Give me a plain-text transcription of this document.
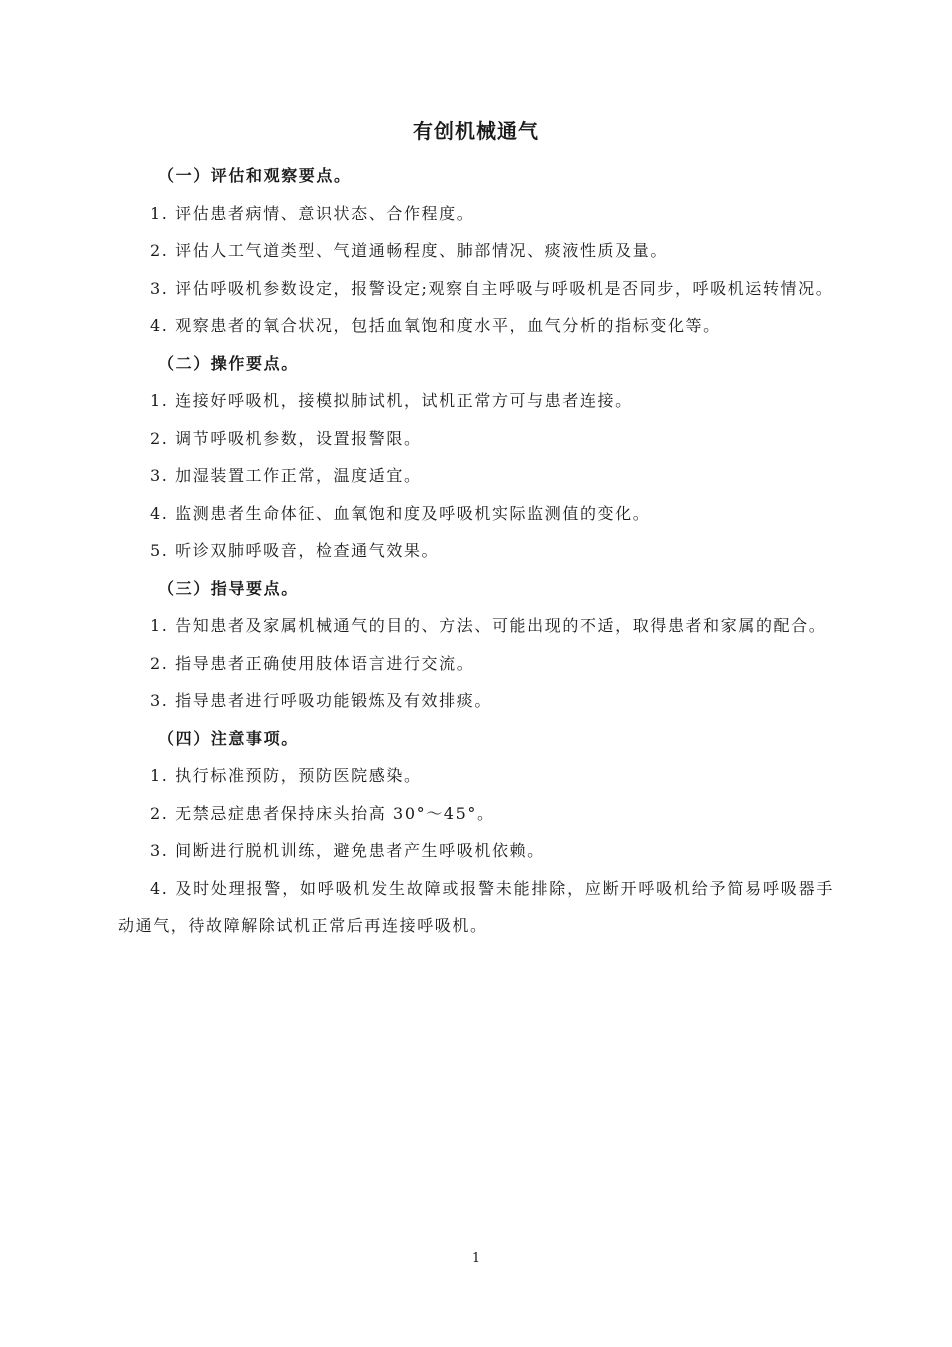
有创机械通气

（一）评估和观察要点。

1. 评估患者病情、意识状态、合作程度。

2. 评估人工气道类型、气道通畅程度、肺部情况、痰液性质及量。

3. 评估呼吸机参数设定，报警设定;观察自主呼吸与呼吸机是否同步，呼吸机运转情况。

4. 观察患者的氧合状况，包括血氧饱和度水平，血气分析的指标变化等。

（二）操作要点。

1. 连接好呼吸机，接模拟肺试机，试机正常方可与患者连接。

2. 调节呼吸机参数，设置报警限。

3. 加湿装置工作正常，温度适宜。

4. 监测患者生命体征、血氧饱和度及呼吸机实际监测值的变化。

5. 听诊双肺呼吸音，检查通气效果。

（三）指导要点。

1. 告知患者及家属机械通气的目的、方法、可能出现的不适，取得患者和家属的配合。

2. 指导患者正确使用肢体语言进行交流。

3. 指导患者进行呼吸功能锻炼及有效排痰。

（四）注意事项。

1. 执行标准预防，预防医院感染。

2. 无禁忌症患者保持床头抬高 30°～45°。

3. 间断进行脱机训练，避免患者产生呼吸机依赖。

4. 及时处理报警，如呼吸机发生故障或报警未能排除，应断开呼吸机给予简易呼吸器手动通气，待故障解除试机正常后再连接呼吸机。

1
